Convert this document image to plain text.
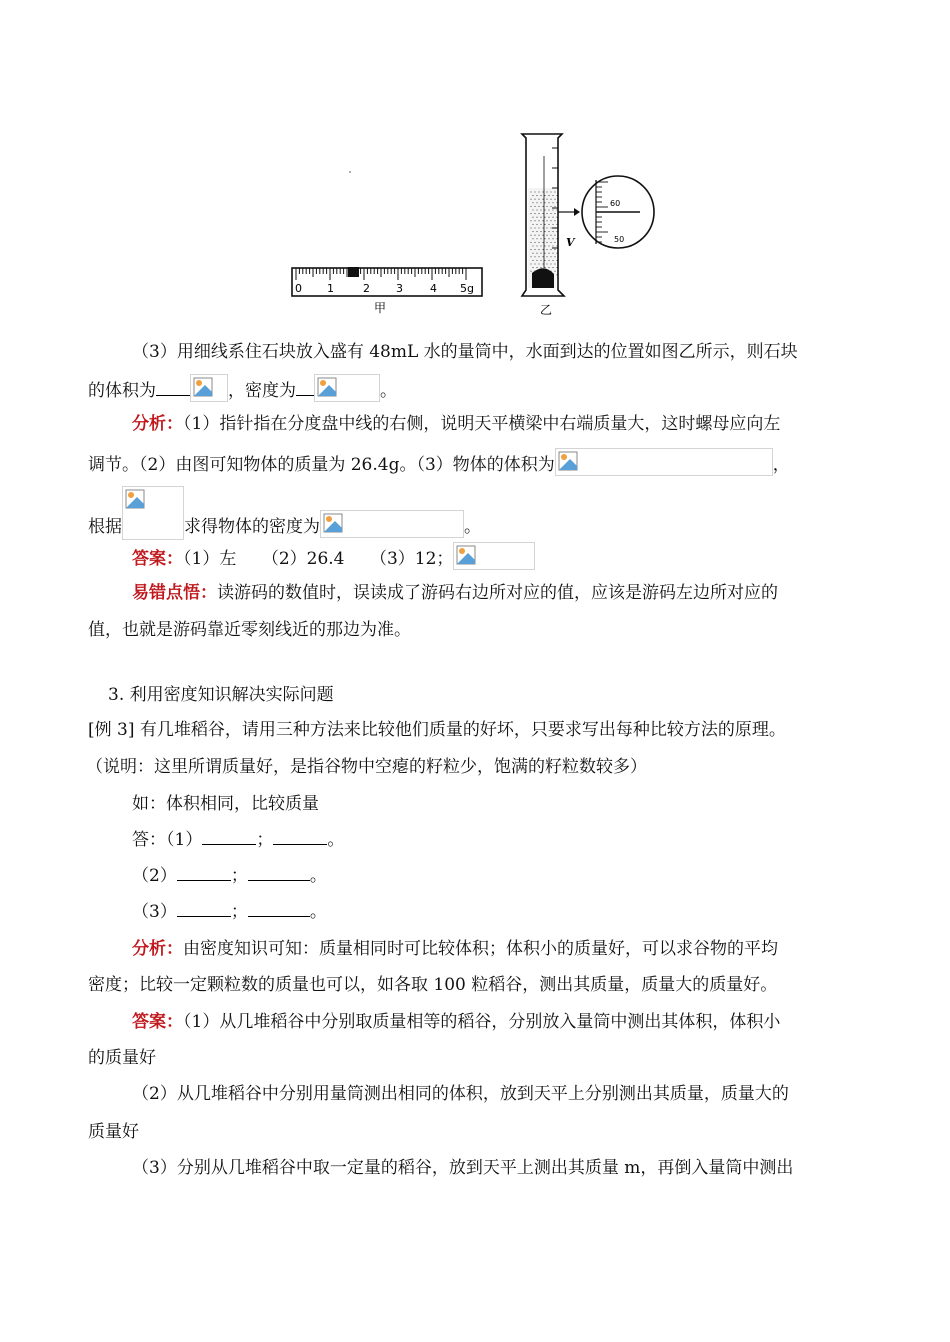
0 1	2 3 4 5g
甲	乙
V
60
50
（3）用细线系住石块放入盛有 48mL 水的量筒中，水面到达的位置如图乙所示，则石块
的体积为	，密度为	。
分析：（1）指针指在分度盘中线的右侧，说明天平横梁中右端质量大，这时螺母应向左
调节。（2）由图可知物体的质量为 26.4g。（3）物体的体积为	，
根据	求得物体的密度为	。
答案：（1）左　　（2）26.4　　（3）12；
易错点悟：读游码的数值时，误读成了游码右边所对应的值，应该是游码左边所对应的
值，也就是游码靠近零刻线近的那边为准。
3. 利用密度知识解决实际问题
[例 3] 有几堆稻谷，请用三种方法来比较他们质量的好坏，只要求写出每种比较方法的原理。
（说明：这里所谓质量好，是指谷物中空瘪的籽粒少，饱满的籽粒数较多）
如：体积相同，比较质量
答：（1）	；	。
（2）	；	。
（3）	；	。
分析：由密度知识可知：质量相同时可比较体积；体积小的质量好，可以求谷物的平均
密度；比较一定颗粒数的质量也可以，如各取 100 粒稻谷，测出其质量，质量大的质量好。
答案：（1）从几堆稻谷中分别取质量相等的稻谷，分别放入量筒中测出其体积，体积小
的质量好
（2）从几堆稻谷中分别用量筒测出相同的体积，放到天平上分别测出其质量，质量大的
质量好
（3）分别从几堆稻谷中取一定量的稻谷，放到天平上测出其质量 m，再倒入量筒中测出
